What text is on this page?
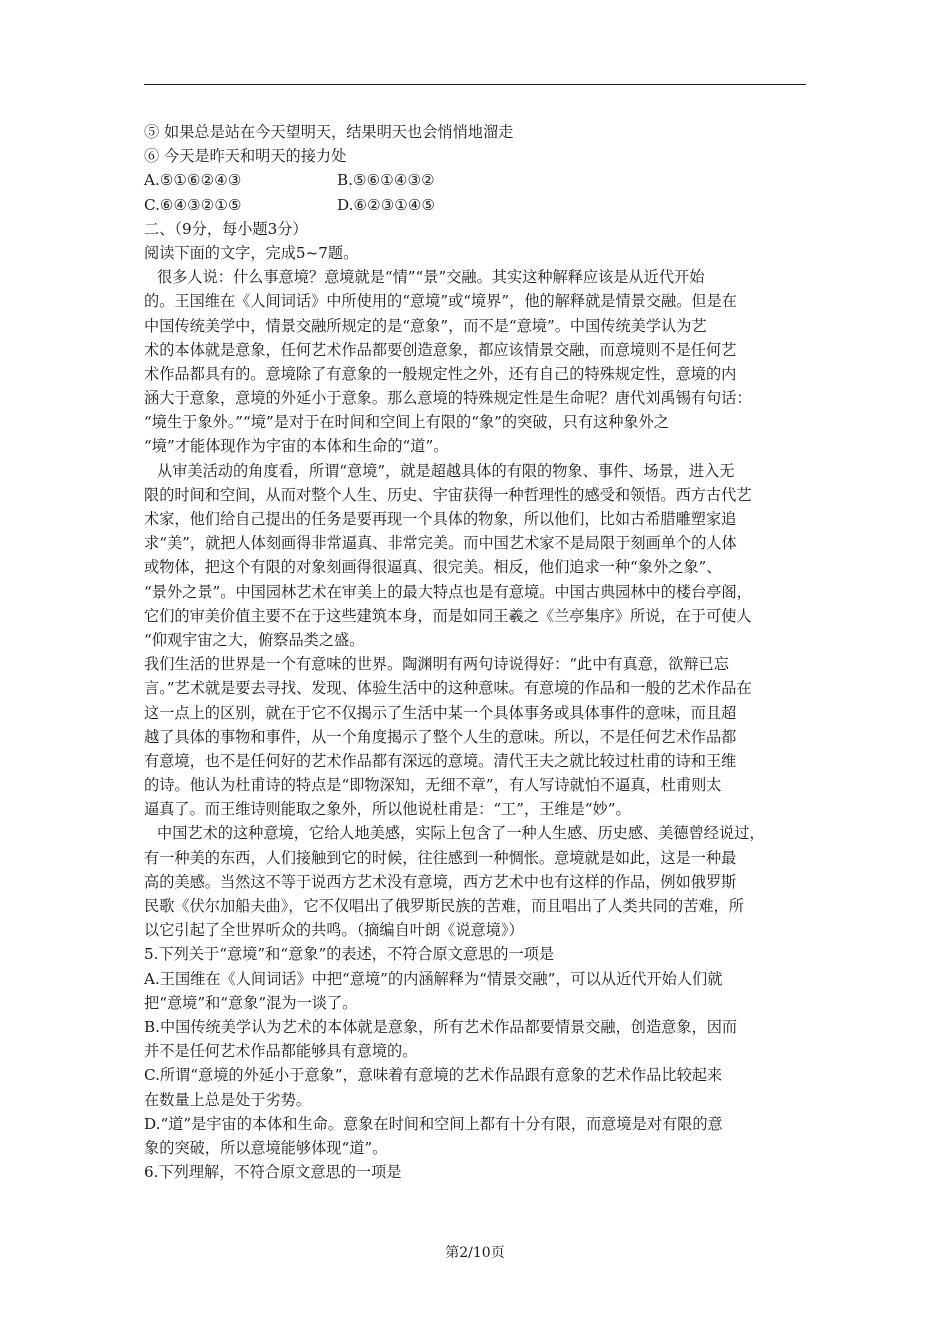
⑤ 如果总是站在今天望明天，结果明天也会悄悄地溜走
⑥ 今天是昨天和明天的接力处
A.⑤①⑥②④③	B.⑤⑥①④③②
C.⑥④③②①⑤	D.⑥②③①④⑤
二、（9分，每小题3分）
阅读下面的文字，完成5~7题。
很多人说：什么事意境？意境就是“情”“景”交融。其实这种解释应该是从近代开始
的。王国维在《人间词话》中所使用的“意境”或“境界”，他的解释就是情景交融。但是在
中国传统美学中，情景交融所规定的是“意象”，而不是“意境”。中国传统美学认为艺
术的本体就是意象，任何艺术作品都要创造意象，都应该情景交融，而意境则不是任何艺
术作品都具有的。意境除了有意象的一般规定性之外，还有自己的特殊规定性，意境的内
涵大于意象，意境的外延小于意象。那么意境的特殊规定性是生命呢？唐代刘禹锡有句话：
“境生于象外。”“境”是对于在时间和空间上有限的“象”的突破，只有这种象外之
“境”才能体现作为宇宙的本体和生命的“道”。
从审美活动的角度看，所谓“意境”，就是超越具体的有限的物象、事件、场景，进入无
限的时间和空间，从而对整个人生、历史、宇宙获得一种哲理性的感受和领悟。西方古代艺
术家，他们给自己提出的任务是要再现一个具体的物象，所以他们，比如古希腊雕塑家追
求“美”，就把人体刻画得非常逼真、非常完美。而中国艺术家不是局限于刻画单个的人体
或物体，把这个有限的对象刻画得很逼真、很完美。相反，他们追求一种“象外之象”、
“景外之景”。中国园林艺术在审美上的最大特点也是有意境。中国古典园林中的楼台亭阁，
它们的审美价值主要不在于这些建筑本身，而是如同王羲之《兰亭集序》所说，在于可使人
“仰观宇宙之大，俯察品类之盛。
我们生活的世界是一个有意味的世界。陶渊明有两句诗说得好：“此中有真意，欲辩已忘
言。”艺术就是要去寻找、发现、体验生活中的这种意味。有意境的作品和一般的艺术作品在
这一点上的区别，就在于它不仅揭示了生活中某一个具体事务或具体事件的意味，而且超
越了具体的事物和事件，从一个角度揭示了整个人生的意味。所以，不是任何艺术作品都
有意境，也不是任何好的艺术作品都有深远的意境。清代王夫之就比较过杜甫的诗和王维
的诗。他认为杜甫诗的特点是“即物深知，无细不章”，有人写诗就怕不逼真，杜甫则太
逼真了。而王维诗则能取之象外，所以他说杜甫是：“工”，王维是“妙”。
中国艺术的这种意境，它给人地美感，实际上包含了一种人生感、历史感、美德曾经说过，
有一种美的东西，人们接触到它的时候，往往感到一种惆怅。意境就是如此，这是一种最
高的美感。当然这不等于说西方艺术没有意境，西方艺术中也有这样的作品，例如俄罗斯
民歌《伏尔加船夫曲》，它不仅唱出了俄罗斯民族的苦难，而且唱出了人类共同的苦难，所
以它引起了全世界听众的共鸣。（摘编自叶朗《说意境》）
5.下列关于“意境”和“意象”的表述，不符合原文意思的一项是
A.王国维在《人间词话》中把“意境”的内涵解释为“情景交融”，可以从近代开始人们就
把“意境”和“意象”混为一谈了。
B.中国传统美学认为艺术的本体就是意象，所有艺术作品都要情景交融，创造意象，因而
并不是任何艺术作品都能够具有意境的。
C.所谓“意境的外延小于意象”，意味着有意境的艺术作品跟有意象的艺术作品比较起来
在数量上总是处于劣势。
D.“道”是宇宙的本体和生命。意象在时间和空间上都有十分有限，而意境是对有限的意
象的突破，所以意境能够体现“道”。
6.下列理解，不符合原文意思的一项是
第2/10页
